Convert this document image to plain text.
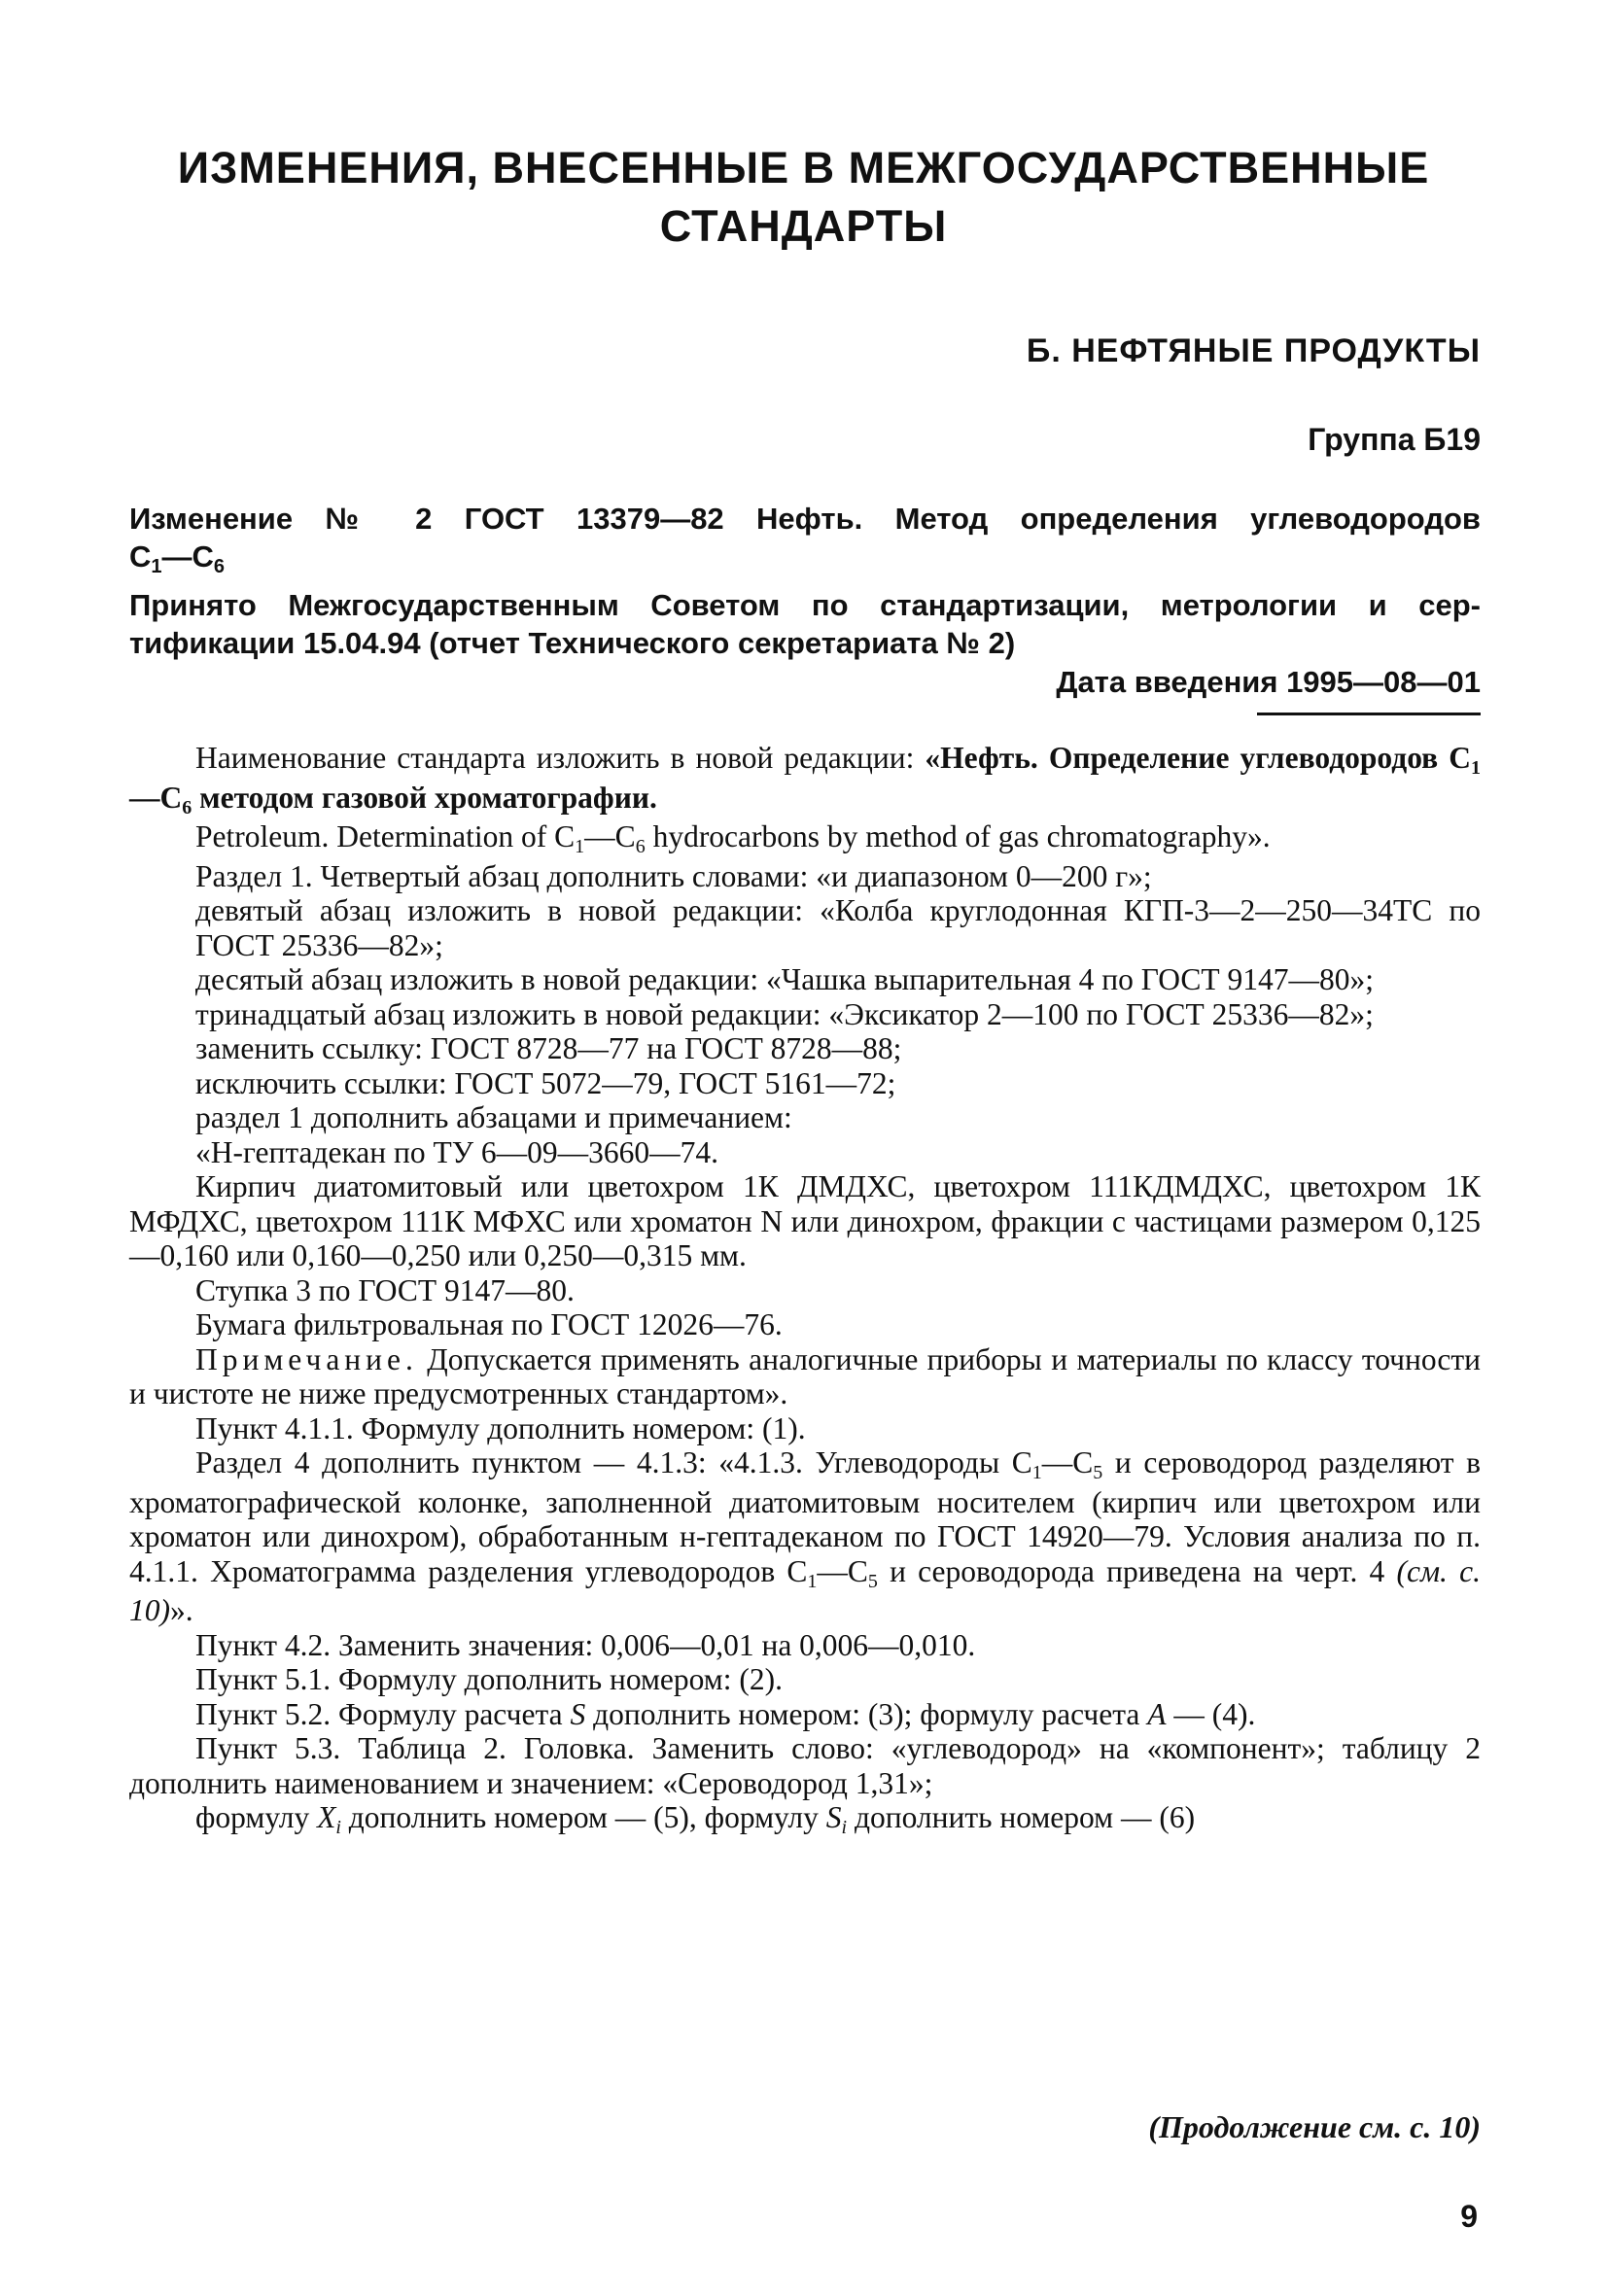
ИЗМЕНЕНИЯ, ВНЕСЕННЫЕ В МЕЖГОСУДАРСТВЕННЫЕ
СТАНДАРТЫ
Б. НЕФТЯНЫЕ ПРОДУКТЫ
Группа Б19
Изменение № 2 ГОСТ 13379—82 Нефть. Метод определения углеводородов
C1—C6
Принято Межгосударственным Советом по стандартизации, метрологии и сер-
тификации 15.04.94 (отчет Технического секретариата № 2)
Дата введения 1995—08—01

Наименование стандарта изложить в новой редакции: «Нефть. Определение углеводородов C1—C6 методом газовой хроматографии.

Petroleum. Determination of C1—C6 hydrocarbons by method of gas chromatography».

Раздел 1. Четвертый абзац дополнить словами: «и диапазоном 0—200 г»;

девятый абзац изложить в новой редакции: «Колба круглодонная КГП-3—2—250—34ТС по ГОСТ 25336—82»;

десятый абзац изложить в новой редакции: «Чашка выпарительная 4 по ГОСТ 9147—80»;

тринадцатый абзац изложить в новой редакции: «Эксикатор 2—100 по ГОСТ 25336—82»;

заменить ссылку: ГОСТ 8728—77 на ГОСТ 8728—88;

исключить ссылки: ГОСТ 5072—79, ГОСТ 5161—72;

раздел 1 дополнить абзацами и примечанием:

«Н-гептадекан по ТУ 6—09—3660—74.

Кирпич диатомитовый или цветохром 1К ДМДХС, цветохром 111КДМДХС, цветохром 1К МФДХС, цветохром 111К МФХС или хроматон N или динохром, фракции с частицами размером 0,125—0,160 или 0,160—0,250 или 0,250—0,315 мм.

Ступка 3 по ГОСТ 9147—80.

Бумага фильтровальная по ГОСТ 12026—76.

Примечание. Допускается применять аналогичные приборы и материалы по классу точности и чистоте не ниже предусмотренных стандартом».

Пункт 4.1.1. Формулу дополнить номером: (1).

Раздел 4 дополнить пунктом — 4.1.3: «4.1.3. Углеводороды C1—C5 и сероводород разделяют в хроматографической колонке, заполненной диатомитовым носителем (кирпич или цветохром или хроматон или динохром), обработанным н-гептадеканом по ГОСТ 14920—79. Условия анализа по п. 4.1.1. Хроматограмма разделения углеводородов C1—C5 и сероводорода приведена на черт. 4 (см. с. 10)».

Пункт 4.2. Заменить значения: 0,006—0,01 на 0,006—0,010.

Пункт 5.1. Формулу дополнить номером: (2).

Пункт 5.2. Формулу расчета S дополнить номером: (3); формулу расчета A — (4).

Пункт 5.3. Таблица 2. Головка. Заменить слово: «углеводород» на «компонент»; таблицу 2 дополнить наименованием и значением: «Сероводород 1,31»;

формулу Xi дополнить номером — (5), формулу Si дополнить номером — (6)

(Продолжение см. с. 10)
9
